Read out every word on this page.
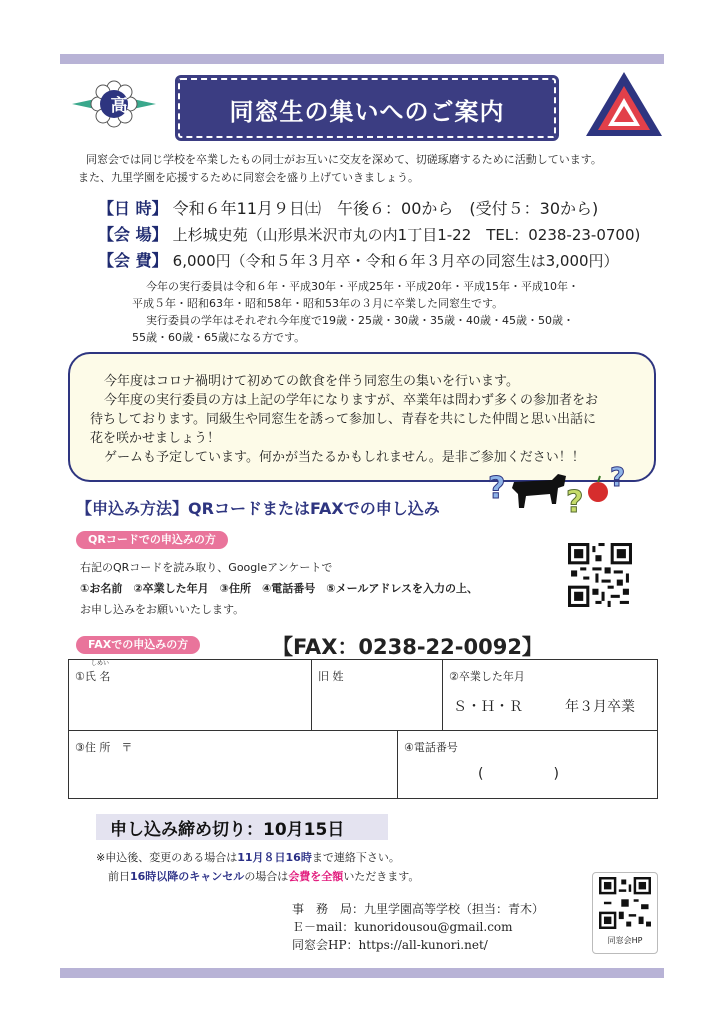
高	同窓生の集いへのご案内
同窓会では同じ学校を卒業したもの同士がお互いに交友を深めて、切磋琢磨するために活動しています。
また、九里学園を応援するために同窓会を盛り上げていきましょう。
【日 時】 令和６年11月９日㈯　午後６：00から　(受付５：30から)
【会 場】 上杉城史苑（山形県米沢市丸の内1丁目1-22　TEL：0238-23-0700)
【会 費】 6,000円（令和５年３月卒・令和６年３月卒の同窓生は3,000円）
今年の実行委員は令和６年・平成30年・平成25年・平成20年・平成15年・平成10年・
平成５年・昭和63年・昭和58年・昭和53年の３月に卒業した同窓生です。
実行委員の学年はそれぞれ今年度で19歳・25歳・30歳・35歳・40歳・45歳・50歳・
55歳・60歳・65歳になる方です。

今年度はコロナ禍明けて初めての飲食を伴う同窓生の集いを行います。

今年度の実行委員の方は上記の学年になりますが、卒業年は問わず多くの参加者をお

待ちしております。同級生や同窓生を誘って参加し、青春を共にした仲間と思い出話に

花を咲かせましょう！

ゲームも予定しています。何かが当たるかもしれません。是非ご参加ください！！

? ?
?
【申込み方法】QRコードまたはFAXでの申し込み
QRコードでの申込みの方
右記のQRコードを読み取り、Googleアンケートで
①お名前　②卒業した年月　③住所　④電話番号　⑤メールアドレスを入力の上、
お申し込みをお願いいたします。
FAXでの申込みの方	【FAX：0238-22-0092】
しめい
①氏 名	旧 姓	②卒業した年月
Ｓ・Ｈ・Ｒ　　　年３月卒業
③住 所　〒	④電話番号
(　　　　　)
申し込み締め切り：10月15日
※申込後、変更のある場合は11月８日16時まで連絡下さい。
前日16時以降のキャンセルの場合は会費を全額いただきます。
事　務　局：九里学園高等学校（担当：青木）
Ｅ－mail：kunoridousou@gmail.com
同窓会HP：https://all-kunori.net/	同窓会HP
